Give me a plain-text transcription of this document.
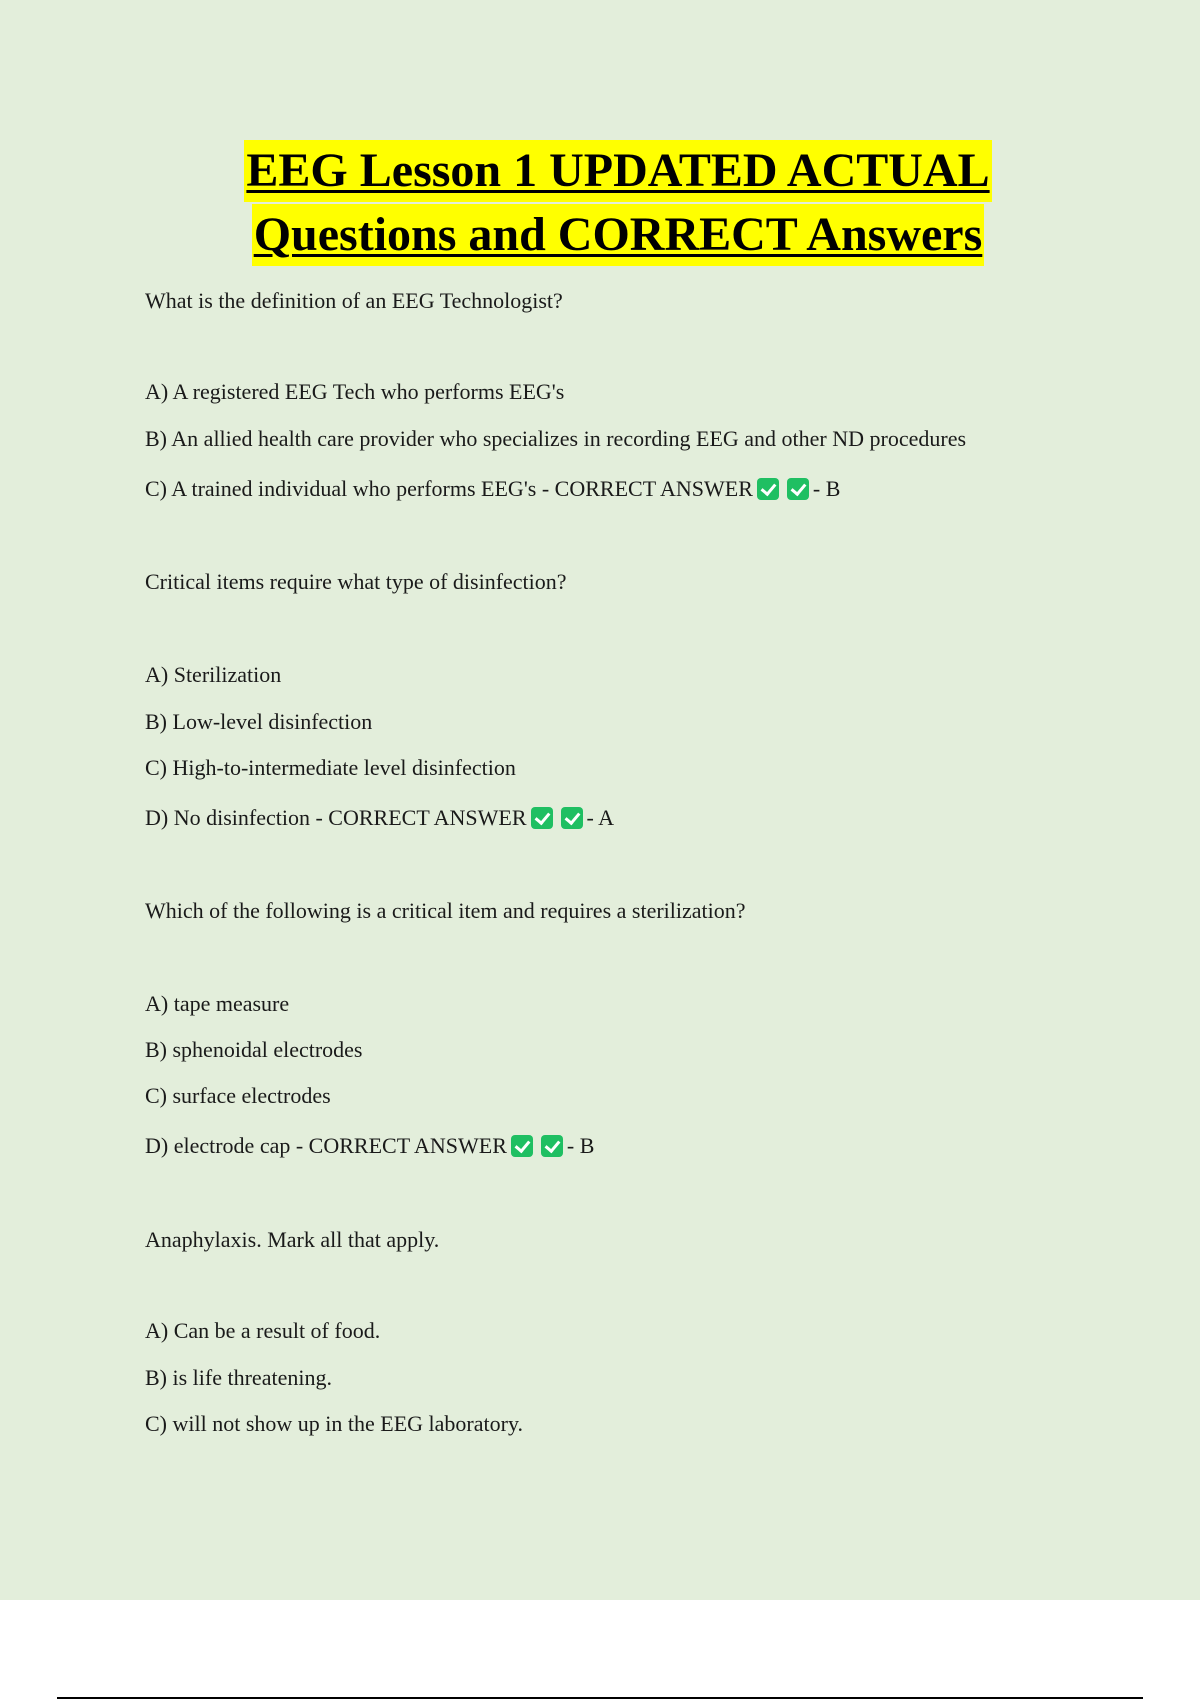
EEG Lesson 1 UPDATED ACTUAL
Questions and CORRECT Answers
What is the definition of an EEG Technologist?
A) A registered EEG Tech who performs EEG's
B) An allied health care provider who specializes in recording EEG and other ND procedures
C) A trained individual who performs EEG's - CORRECT ANSWER	- B
Critical items require what type of disinfection?
A) Sterilization
B) Low-level disinfection
C) High-to-intermediate level disinfection
D) No disinfection - CORRECT ANSWER	- A
Which of the following is a critical item and requires a sterilization?
A) tape measure
B) sphenoidal electrodes
C) surface electrodes
D) electrode cap - CORRECT ANSWER	- B
Anaphylaxis. Mark all that apply.
A) Can be a result of food.
B) is life threatening.
C) will not show up in the EEG laboratory.
